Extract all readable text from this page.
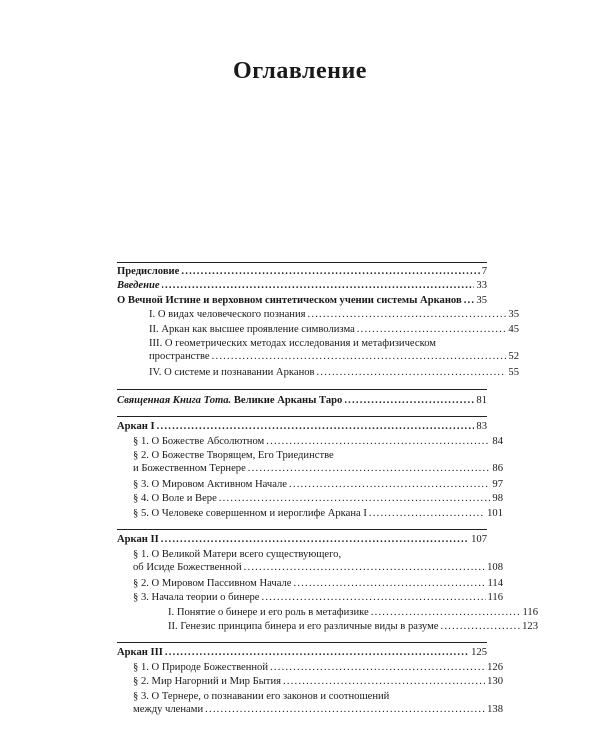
Оглавление
Предисловие .....	7
Введение .....	33
О Вечной Истине и верховном синтетическом учении системы Арканов ..... 35
I. О видах человеческого познания .....	35
II. Аркан как высшее проявление символизма .....	45
III. О геометрических методах исследования и метафизическом
пространстве .....	52
IV. О системе и познавании Арканов .....	55
Священная Книга Тота. Великие Арканы Таро .....	81
Аркан I .....	83
§ 1. О Божестве Абсолютном .....	84
§ 2. О Божестве Творящем, Его Триединстве
и Божественном Тернере .....	86
§ 3. О Мировом Активном Начале .....	97
§ 4. О Воле и Вере .....	98
§ 5. О Человеке совершенном и иероглифе Аркана I .....	101
Аркан II .....	107
§ 1. О Великой Матери всего существующего,
об Исиде Божественной .....	108
§ 2. О Мировом Пассивном Начале .....	114
§ 3. Начала теории о бинере .....	116
I. Понятие о бинере и его роль в метафизике .....	116
II. Генезис принципа бинера и его различные виды в разуме .....	123
Аркан III .....	125
§ 1. О Природе Божественной .....	126
§ 2. Мир Нагорний и Мир Бытия .....	130
§ 3. О Тернере, о познавании его законов и соотношений
между членами .....	138
